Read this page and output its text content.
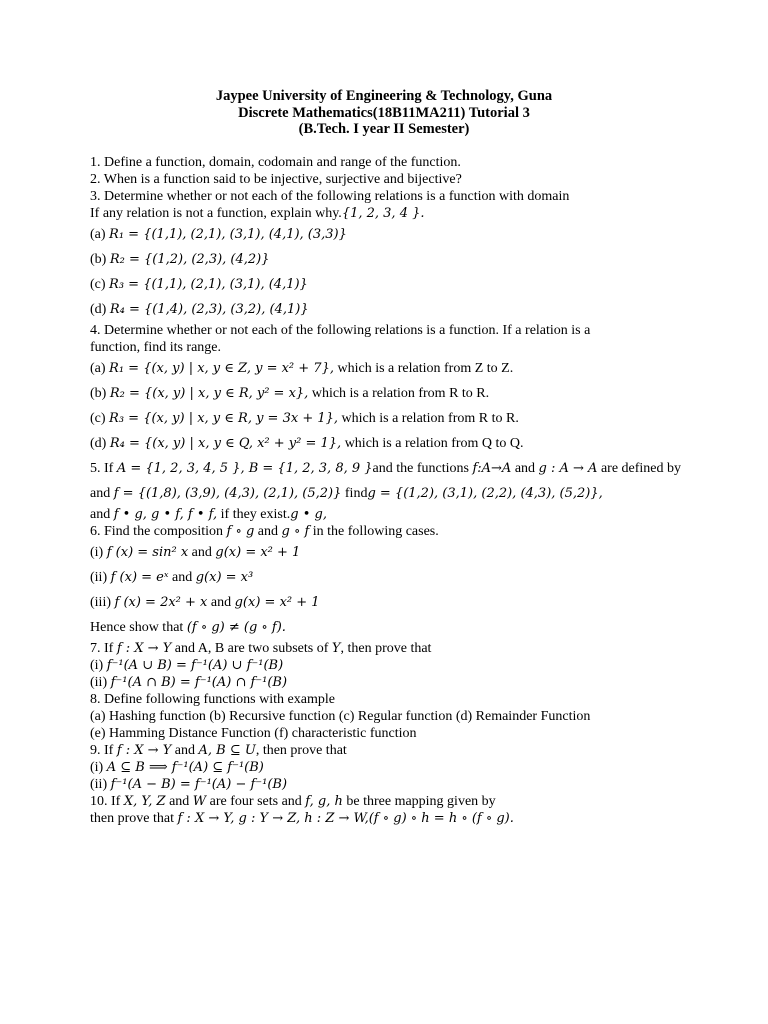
Jaypee University of Engineering & Technology, Guna
Discrete Mathematics(18B11MA211) Tutorial 3
(B.Tech. I year II Semester)
1. Define a function, domain, codomain and range of the function.
2. When is a function said to be injective, surjective and bijective?
3. Determine whether or not each of the following relations is a function with domain
If any relation is not a function, explain why.{1, 2, 3, 4 }.
(a) R₁ = {(1,1), (2,1), (3,1), (4,1), (3,3)}
(b) R₂ = {(1,2), (2,3), (4,2)}
(c) R₃ = {(1,1), (2,1), (3,1), (4,1)}
(d) R₄ = {(1,4), (2,3), (3,2), (4,1)}
4. Determine whether or not each of the following relations is a function. If a relation is a
function, find its range.
(a) R₁ = {(x, y) | x, y ∈ Z, y = x² + 7}, which is a relation from Z to Z.
(b) R₂ = {(x, y) | x, y ∈ R, y² = x}, which is a relation from R to R.
(c) R₃ = {(x, y) | x, y ∈ R, y = 3x + 1}, which is a relation from R to R.
(d) R₄ = {(x, y) | x, y ∈ Q, x² + y² = 1}, which is a relation from Q to Q.
5. If A = {1, 2, 3, 4, 5 }, B = {1, 2, 3, 8, 9 }and the functions f:A→A and g : A → A are defined by
and f = {(1,8), (3,9), (4,3), (2,1), (5,2)} findg = {(1,2), (3,1), (2,2), (4,3), (5,2)},
and f • g, g • f, f • f, if they exist.g • g,
6. Find the composition f ∘ g and g ∘ f in the following cases.
(i) f (x) = sin² x and g(x) = x² + 1
(ii) f (x) = eˣ and g(x) = x³
(iii) f (x) = 2x² + x and g(x) = x² + 1
Hence show that (f ∘ g) ≠ (g ∘ f).
7. If f : X → Y and A, B are two subsets of Y, then prove that
(i) f⁻¹(A ∪ B) = f⁻¹(A) ∪ f⁻¹(B)
(ii) f⁻¹(A ∩ B) = f⁻¹(A) ∩ f⁻¹(B)
8. Define following functions with example
(a) Hashing function (b) Recursive function (c) Regular function (d) Remainder Function
(e) Hamming Distance Function (f) characteristic function
9. If f : X → Y and A, B ⊆ U, then prove that
(i) A ⊆ B ⟹ f⁻¹(A) ⊆ f⁻¹(B)
(ii) f⁻¹(A − B) = f⁻¹(A) − f⁻¹(B)
10. If X, Y, Z and W are four sets and f, g, h be three mapping given by
then prove that f : X → Y, g : Y → Z, h : Z → W,(f ∘ g) ∘ h = h ∘ (f ∘ g).
